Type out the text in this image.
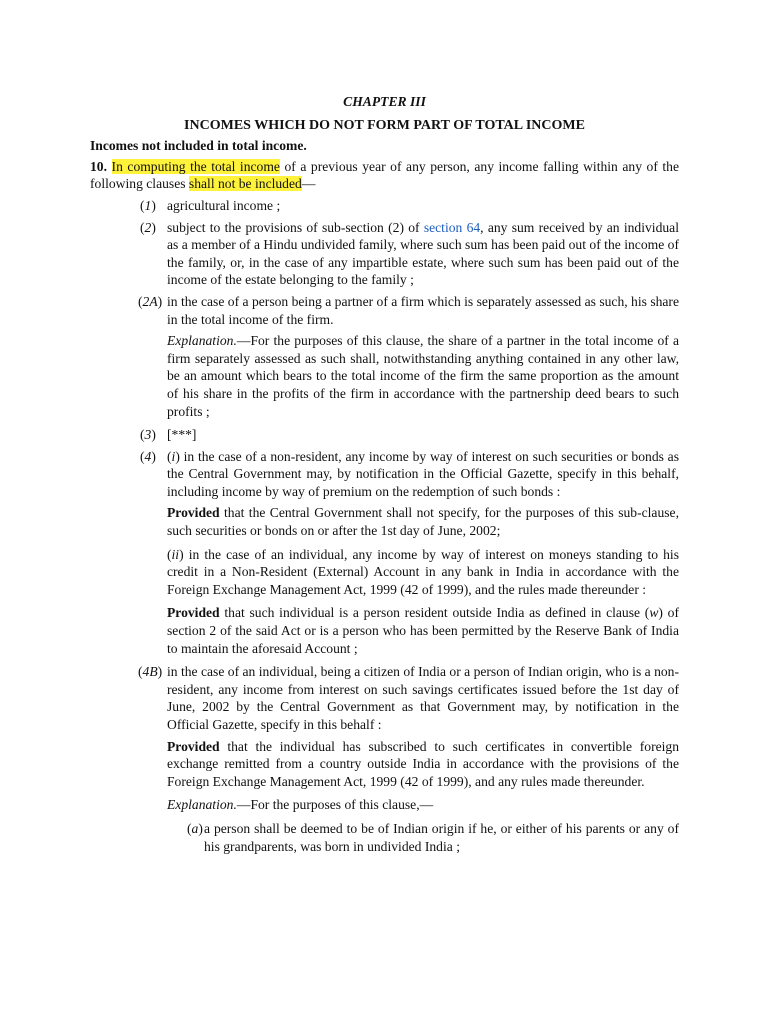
CHAPTER III

INCOMES WHICH DO NOT FORM PART OF TOTAL INCOME

Incomes not included in total income.

10. In computing the total income of a previous year of any person, any income falling within any of the following clauses shall not be included—

(1) agricultural income ;
(2) subject to the provisions of sub-section (2) of section 64, any sum received by an individual as a member of a Hindu undivided family, where such sum has been paid out of the income of the family, or, in the case of any impartible estate, where such sum has been paid out of the income of the estate belonging to the family ;
(2A) in the case of a person being a partner of a firm which is separately assessed as such, his share in the total income of the firm.

Explanation.—For the purposes of this clause, the share of a partner in the total income of a firm separately assessed as such shall, notwithstanding anything contained in any other law, be an amount which bears to the total income of the firm the same proportion as the amount of his share in the profits of the firm in accordance with the partnership deed bears to such profits ;

(3) [***]
(4) (i) in the case of a non-resident, any income by way of interest on such securities or bonds as the Central Government may, by notification in the Official Gazette, specify in this behalf, including income by way of premium on the redemption of such bonds :

Provided that the Central Government shall not specify, for the purposes of this sub-clause, such securities or bonds on or after the 1st day of June, 2002;

(ii) in the case of an individual, any income by way of interest on moneys standing to his credit in a Non-Resident (External) Account in any bank in India in accordance with the Foreign Exchange Management Act, 1999 (42 of 1999), and the rules made thereunder :

Provided that such individual is a person resident outside India as defined in clause (w) of section 2 of the said Act or is a person who has been permitted by the Reserve Bank of India to maintain the aforesaid Account ;

(4B) in the case of an individual, being a citizen of India or a person of Indian origin, who is a non-resident, any income from interest on such savings certificates issued before the 1st day of June, 2002 by the Central Government as that Government may, by notification in the Official Gazette, specify in this behalf :

Provided that the individual has subscribed to such certificates in convertible foreign exchange remitted from a country outside India in accordance with the provisions of the Foreign Exchange Management Act, 1999 (42 of 1999), and any rules made thereunder.

Explanation.—For the purposes of this clause,—

(a) a person shall be deemed to be of Indian origin if he, or either of his parents or any of his grandparents, was born in undivided India ;
